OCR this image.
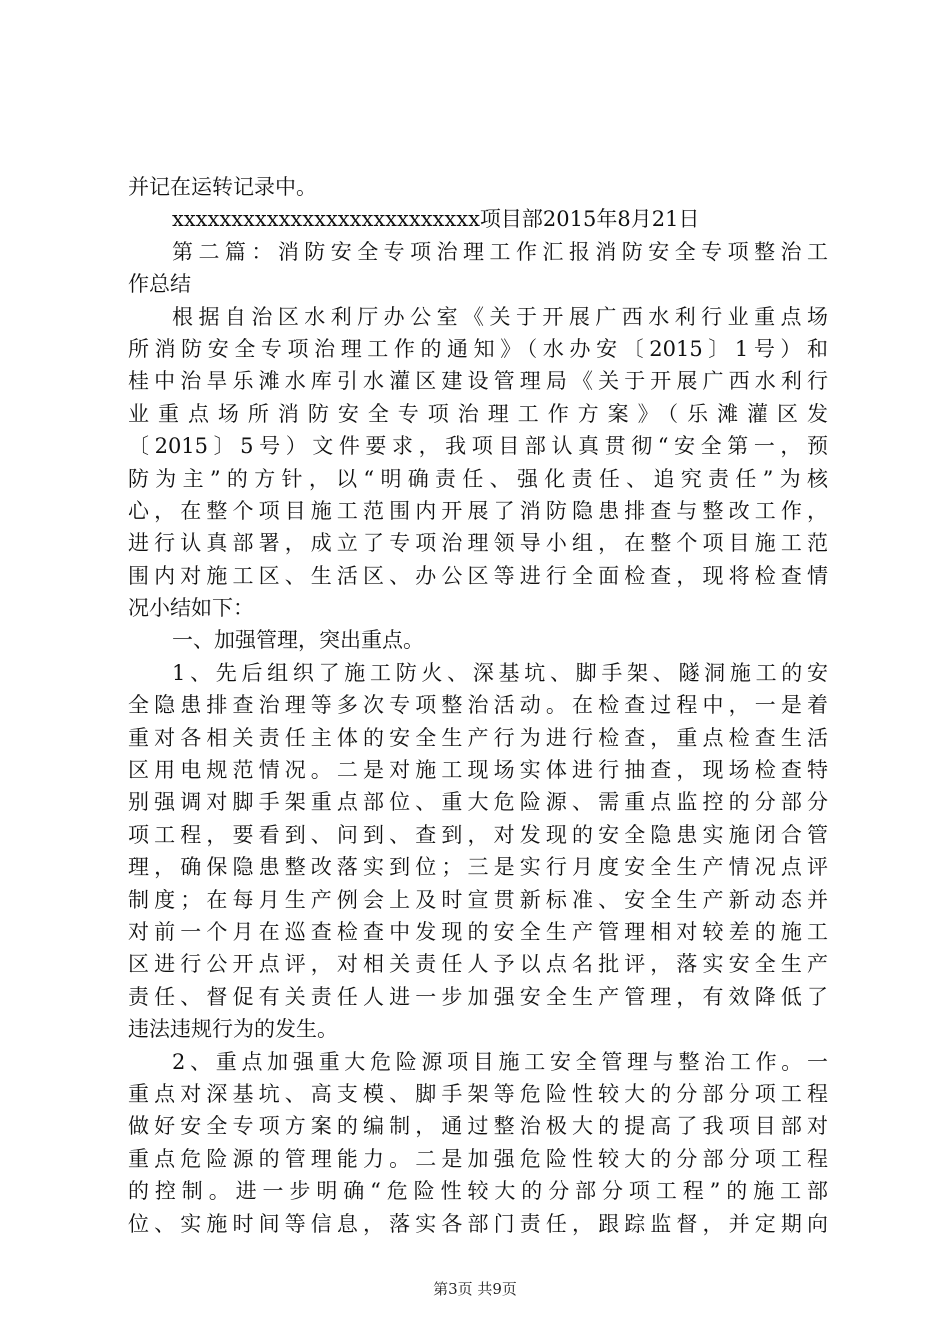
并记在运转记录中。
xxxxxxxxxxxxxxxxxxxxxxxxxx项目部2015年8月21日
第二篇：消防安全专项治理工作汇报消防安全专项整治工
作总结
根据自治区水利厅办公室《关于开展广西水利行业重点场
所消防安全专项治理工作的通知》（水办安〔2015〕1号）和
桂中治旱乐滩水库引水灌区建设管理局《关于开展广西水利行
业重点场所消防安全专项治理工作方案》（乐滩灌区发
〔2015〕5号）文件要求，我项目部认真贯彻“安全第一，预
防为主”的方针，以“明确责任、强化责任、追究责任”为核
心，在整个项目施工范围内开展了消防隐患排查与整改工作，
进行认真部署，成立了专项治理领导小组，在整个项目施工范
围内对施工区、生活区、办公区等进行全面检查，现将检查情
况小结如下：
一、加强管理，突出重点。
1、先后组织了施工防火、深基坑、脚手架、隧洞施工的安
全隐患排查治理等多次专项整治活动。在检查过程中，一是着
重对各相关责任主体的安全生产行为进行检查，重点检查生活
区用电规范情况。二是对施工现场实体进行抽查，现场检查特
别强调对脚手架重点部位、重大危险源、需重点监控的分部分
项工程，要看到、问到、查到，对发现的安全隐患实施闭合管
理，确保隐患整改落实到位；三是实行月度安全生产情况点评
制度；在每月生产例会上及时宣贯新标准、安全生产新动态并
对前一个月在巡查检查中发现的安全生产管理相对较差的施工
区进行公开点评，对相关责任人予以点名批评，落实安全生产
责任、督促有关责任人进一步加强安全生产管理，有效降低了
违法违规行为的发生。
2、重点加强重大危险源项目施工安全管理与整治工作。一
重点对深基坑、高支模、脚手架等危险性较大的分部分项工程
做好安全专项方案的编制，通过整治极大的提高了我项目部对
重点危险源的管理能力。二是加强危险性较大的分部分项工程
的控制。进一步明确“危险性较大的分部分项工程”的施工部
位、实施时间等信息，落实各部门责任，跟踪监督，并定期向
第3页 共9页
